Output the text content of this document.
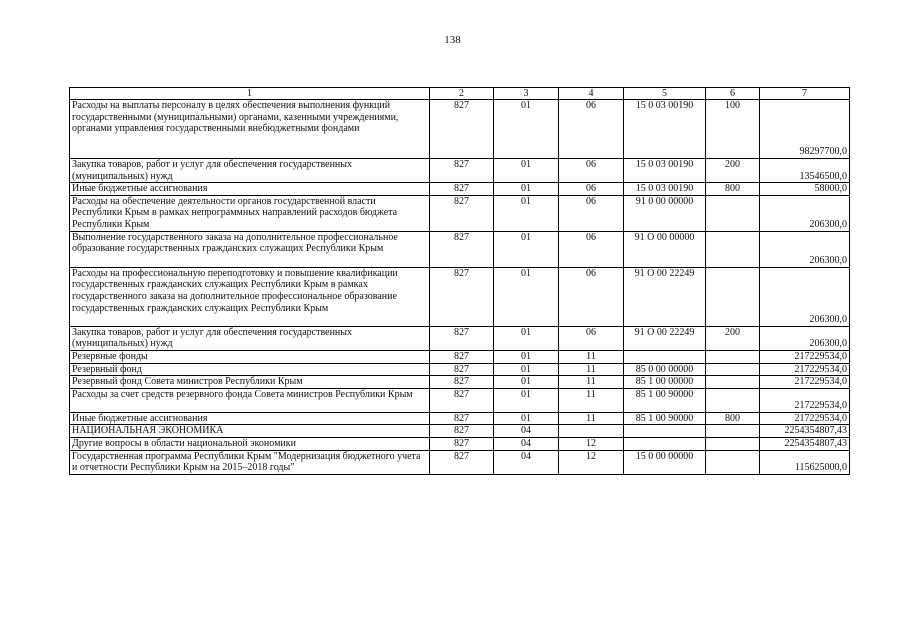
138
1	2	3	4	5	6	7
Расходы на выплаты персоналу в целях обеспечения выполнения функций государственными (муниципальными) органами, казенными учреждениями, органами управления государственными внебюджетными фондами	827	01	06	15 0 03 00190	100	98297700,0
Закупка товаров, работ и услуг для обеспечения государственных (муниципальных) нужд	827	01	06	15 0 03 00190	200	13546500,0
Иные бюджетные ассигнования	827	01	06	15 0 03 00190	800	58000,0
Расходы на обеспечение деятельности органов государственной власти Республики Крым в рамках непрограммных направлений расходов бюджета Республики Крым	827	01	06	91 0 00 00000		206300,0
Выполнение государственного заказа на дополнительное профессиональное образование государственных гражданских служащих Республики Крым	827	01	06	91 О 00 00000		206300,0
Расходы на профессиональную переподготовку и повышение квалификации государственных гражданских служащих Республики Крым в рамках государственного заказа на дополнительное профессиональное образование государственных гражданских служащих Республики Крым	827	01	06	91 О 00 22249		206300,0
Закупка товаров, работ и услуг для обеспечения государственных (муниципальных) нужд	827	01	06	91 О 00 22249	200	206300,0
Резервные фонды	827	01	11			217229534,0
Резервный фонд	827	01	11	85 0 00 00000		217229534,0
Резервный фонд Совета министров Республики Крым	827	01	11	85 1 00 00000		217229534,0
Расходы за счет средств резервного фонда Совета министров Республики Крым	827	01	11	85 1 00 90000		217229534,0
Иные бюджетные ассигнования	827	01	11	85 1 00 90000	800	217229534,0
НАЦИОНАЛЬНАЯ ЭКОНОМИКА	827	04				2254354807,43
Другие вопросы в области национальной экономики	827	04	12			2254354807,43
Государственная программа Республики Крым "Модернизация бюджетного учета и отчетности Республики Крым на 2015–2018 годы"	827	04	12	15 0 00 00000		115625000,0
